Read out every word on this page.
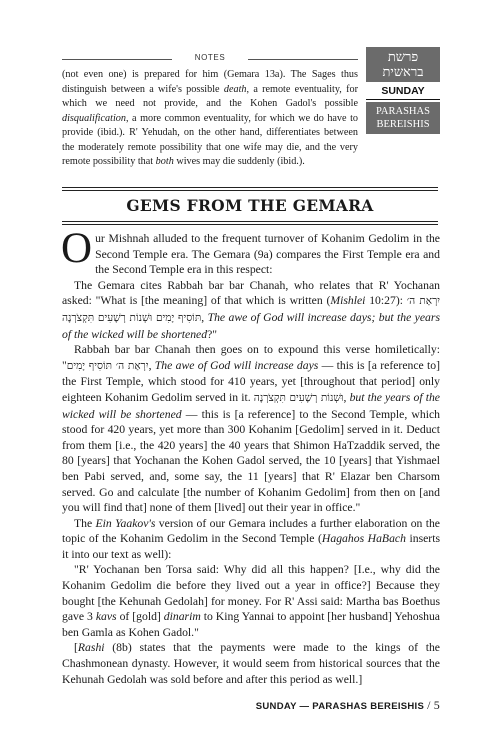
NOTES
(not even one) is prepared for him (Gemara 13a). The Sages thus distinguish between a wife's possible death, a remote eventuality, for which we need not provide, and the Kohen Gadol's possible disqualification, a more common eventuality, for which we do have to provide (ibid.). R' Yehudah, on the other hand, differentiates between the moderately remote possibility that one wife may die, and the very remote possibility that both wives may die suddenly (ibid.).
פרשת
בראשית
SUNDAY
PARASHAS
BEREISHIS
GEMS FROM THE GEMARA

Our Mishnah alluded to the frequent turnover of Kohanim Gedolim in the Second Temple era. The Gemara (9a) compares the First Temple era and the Second Temple era in this respect:

The Gemara cites Rabbah bar bar Chanah, who relates that R' Yochanan asked: "What is [the meaning] of that which is written (Mishlei 10:27): יִרְאַת ה׳ תּוֹסִיף יָמִים וּשְׁנוֹת רְשָׁעִים תִּקְצֹרְנָה, The awe of God will increase days; but the years of the wicked will be shortened?"

Rabbah bar bar Chanah then goes on to expound this verse homiletically: "יִרְאַת ה׳ תּוֹסִיף יָמִים, The awe of God will increase days — this is [a reference to] the First Temple, which stood for 410 years, yet [throughout that period] only eighteen Kohanim Gedolim served in it. וּשְׁנוֹת רְשָׁעִים תִּקְצֹרְנָה, but the years of the wicked will be shortened — this is [a reference] to the Second Temple, which stood for 420 years, yet more than 300 Kohanim [Gedolim] served in it. Deduct from them [i.e., the 420 years] the 40 years that Shimon HaTzaddik served, the 80 [years] that Yochanan the Kohen Gadol served, the 10 [years] that Yishmael ben Pabi served, and, some say, the 11 [years] that R' Elazar ben Charsom served. Go and calculate [the number of Kohanim Gedolim] from then on [and you will find that] none of them [lived] out their year in office."

The Ein Yaakov's version of our Gemara includes a further elaboration on the topic of the Kohanim Gedolim in the Second Temple (Hagahos HaBach inserts it into our text as well):

"R' Yochanan ben Torsa said: Why did all this happen? [I.e., why did the Kohanim Gedolim die before they lived out a year in office?] Because they bought [the Kehunah Gedolah] for money. For R' Assi said: Martha bas Boethus gave 3 kavs of [gold] dinarim to King Yannai to appoint [her husband] Yehoshua ben Gamla as Kohen Gadol."

[Rashi (8b) states that the payments were made to the kings of the Chashmonean dynasty. However, it would seem from historical sources that the Kehunah Gedolah was sold before and after this period as well.]

SUNDAY — PARASHAS BEREISHIS / 5
